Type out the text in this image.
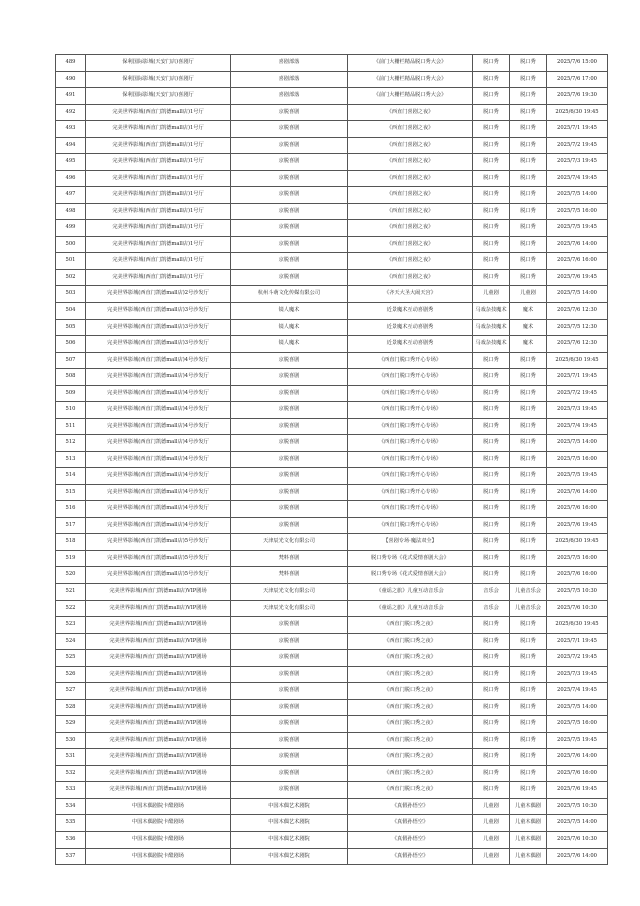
489	保利国际影城(天安门店)喜剧厅	喜剧部落	《前门大栅栏精品脱口秀大会》	脱口秀	脱口秀	2025/7/6 15:00
490	保利国际影城(天安门店)喜剧厅	喜剧部落	《前门大栅栏精品脱口秀大会》	脱口秀	脱口秀	2025/7/6 17:00
491	保利国际影城(天安门店)喜剧厅	喜剧部落	《前门大栅栏精品脱口秀大会》	脱口秀	脱口秀	2025/7/6 19:30
492	完美世界影城(西直门凯德mall店)1号厅	京脱喜剧	《西直门喜剧之夜》	脱口秀	脱口秀	2025/6/30 19:45
493	完美世界影城(西直门凯德mall店)1号厅	京脱喜剧	《西直门喜剧之夜》	脱口秀	脱口秀	2025/7/1 19:45
494	完美世界影城(西直门凯德mall店)1号厅	京脱喜剧	《西直门喜剧之夜》	脱口秀	脱口秀	2025/7/2 19:45
495	完美世界影城(西直门凯德mall店)1号厅	京脱喜剧	《西直门喜剧之夜》	脱口秀	脱口秀	2025/7/3 19:45
496	完美世界影城(西直门凯德mall店)1号厅	京脱喜剧	《西直门喜剧之夜》	脱口秀	脱口秀	2025/7/4 19:45
497	完美世界影城(西直门凯德mall店)1号厅	京脱喜剧	《西直门喜剧之夜》	脱口秀	脱口秀	2025/7/5 14:00
498	完美世界影城(西直门凯德mall店)1号厅	京脱喜剧	《西直门喜剧之夜》	脱口秀	脱口秀	2025/7/5 16:00
499	完美世界影城(西直门凯德mall店)1号厅	京脱喜剧	《西直门喜剧之夜》	脱口秀	脱口秀	2025/7/5 19:45
500	完美世界影城(西直门凯德mall店)1号厅	京脱喜剧	《西直门喜剧之夜》	脱口秀	脱口秀	2025/7/6 14:00
501	完美世界影城(西直门凯德mall店)1号厅	京脱喜剧	《西直门喜剧之夜》	脱口秀	脱口秀	2025/7/6 16:00
502	完美世界影城(西直门凯德mall店)1号厅	京脱喜剧	《西直门喜剧之夜》	脱口秀	脱口秀	2025/7/6 19:45
503	完美世界影城(西直门凯德mall店)2号沙发厅	杭州斗萌文化传媒有限公司	《齐天大圣大闹天宫》	儿童剧	儿童剧	2025/7/5 14:00
504	完美世界影城(西直门凯德mall店)3号沙发厅	镜人魔术	近景魔术互动喜剧秀	马戏杂技魔术	魔术	2025/7/6 12:30
505	完美世界影城(西直门凯德mall店)3号沙发厅	镜人魔术	近景魔术互动喜剧秀	马戏杂技魔术	魔术	2025/7/5 12:30
506	完美世界影城(西直门凯德mall店)3号沙发厅	镜人魔术	近景魔术互动喜剧秀	马戏杂技魔术	魔术	2025/7/6 12:30
507	完美世界影城(西直门凯德mall店)4号沙发厅	京脱喜剧	《西直门脱口秀开心专场》	脱口秀	脱口秀	2025/6/30 19:45
508	完美世界影城(西直门凯德mall店)4号沙发厅	京脱喜剧	《西直门脱口秀开心专场》	脱口秀	脱口秀	2025/7/1 19:45
509	完美世界影城(西直门凯德mall店)4号沙发厅	京脱喜剧	《西直门脱口秀开心专场》	脱口秀	脱口秀	2025/7/2 19:45
510	完美世界影城(西直门凯德mall店)4号沙发厅	京脱喜剧	《西直门脱口秀开心专场》	脱口秀	脱口秀	2025/7/3 19:45
511	完美世界影城(西直门凯德mall店)4号沙发厅	京脱喜剧	《西直门脱口秀开心专场》	脱口秀	脱口秀	2025/7/4 19:45
512	完美世界影城(西直门凯德mall店)4号沙发厅	京脱喜剧	《西直门脱口秀开心专场》	脱口秀	脱口秀	2025/7/5 14:00
513	完美世界影城(西直门凯德mall店)4号沙发厅	京脱喜剧	《西直门脱口秀开心专场》	脱口秀	脱口秀	2025/7/5 16:00
514	完美世界影城(西直门凯德mall店)4号沙发厅	京脱喜剧	《西直门脱口秀开心专场》	脱口秀	脱口秀	2025/7/5 19:45
515	完美世界影城(西直门凯德mall店)4号沙发厅	京脱喜剧	《西直门脱口秀开心专场》	脱口秀	脱口秀	2025/7/6 14:00
516	完美世界影城(西直门凯德mall店)4号沙发厅	京脱喜剧	《西直门脱口秀开心专场》	脱口秀	脱口秀	2025/7/6 16:00
517	完美世界影城(西直门凯德mall店)4号沙发厅	京脱喜剧	《西直门脱口秀开心专场》	脱口秀	脱口秀	2025/7/6 19:45
518	完美世界影城(西直门凯德mall店)5号沙发厅	天津辰光文化有限公司	【喜剧专场·魔法双全】	脱口秀	脱口秀	2025/6/30 19:45
519	完美世界影城(西直门凯德mall店)5号沙发厅	梵料喜剧	脱口秀专场《花式爱情喜剧大会》	脱口秀	脱口秀	2025/7/5 16:00
520	完美世界影城(西直门凯德mall店)5号沙发厅	梵料喜剧	脱口秀专场《花式爱情喜剧大会》	脱口秀	脱口秀	2025/7/6 16:00
521	完美世界影城(西直门凯德mall店)VIP剧场	天津辰光文化有限公司	《童谣之旅》儿童互动音乐会	音乐会	儿童音乐会	2025/7/5 10:30
522	完美世界影城(西直门凯德mall店)VIP剧场	天津辰光文化有限公司	《童谣之旅》儿童互动音乐会	音乐会	儿童音乐会	2025/7/6 10:30
523	完美世界影城(西直门凯德mall店)VIP剧场	京脱喜剧	《西直门脱口秀之夜》	脱口秀	脱口秀	2025/6/30 19:45
524	完美世界影城(西直门凯德mall店)VIP剧场	京脱喜剧	《西直门脱口秀之夜》	脱口秀	脱口秀	2025/7/1 19:45
525	完美世界影城(西直门凯德mall店)VIP剧场	京脱喜剧	《西直门脱口秀之夜》	脱口秀	脱口秀	2025/7/2 19:45
526	完美世界影城(西直门凯德mall店)VIP剧场	京脱喜剧	《西直门脱口秀之夜》	脱口秀	脱口秀	2025/7/3 19:45
527	完美世界影城(西直门凯德mall店)VIP剧场	京脱喜剧	《西直门脱口秀之夜》	脱口秀	脱口秀	2025/7/4 19:45
528	完美世界影城(西直门凯德mall店)VIP剧场	京脱喜剧	《西直门脱口秀之夜》	脱口秀	脱口秀	2025/7/5 14:00
529	完美世界影城(西直门凯德mall店)VIP剧场	京脱喜剧	《西直门脱口秀之夜》	脱口秀	脱口秀	2025/7/5 16:00
530	完美世界影城(西直门凯德mall店)VIP剧场	京脱喜剧	《西直门脱口秀之夜》	脱口秀	脱口秀	2025/7/5 19:45
531	完美世界影城(西直门凯德mall店)VIP剧场	京脱喜剧	《西直门脱口秀之夜》	脱口秀	脱口秀	2025/7/6 14:00
532	完美世界影城(西直门凯德mall店)VIP剧场	京脱喜剧	《西直门脱口秀之夜》	脱口秀	脱口秀	2025/7/6 16:00
533	完美世界影城(西直门凯德mall店)VIP剧场	京脱喜剧	《西直门脱口秀之夜》	脱口秀	脱口秀	2025/7/6 19:45
534	中国木偶剧院卡酷剧场	中国木偶艺术剧院	《真假孙悟空》	儿童剧	儿童木偶剧	2025/7/5 10:30
535	中国木偶剧院卡酷剧场	中国木偶艺术剧院	《真假孙悟空》	儿童剧	儿童木偶剧	2025/7/5 14:00
536	中国木偶剧院卡酷剧场	中国木偶艺术剧院	《真假孙悟空》	儿童剧	儿童木偶剧	2025/7/6 10:30
537	中国木偶剧院卡酷剧场	中国木偶艺术剧院	《真假孙悟空》	儿童剧	儿童木偶剧	2025/7/6 14:00
